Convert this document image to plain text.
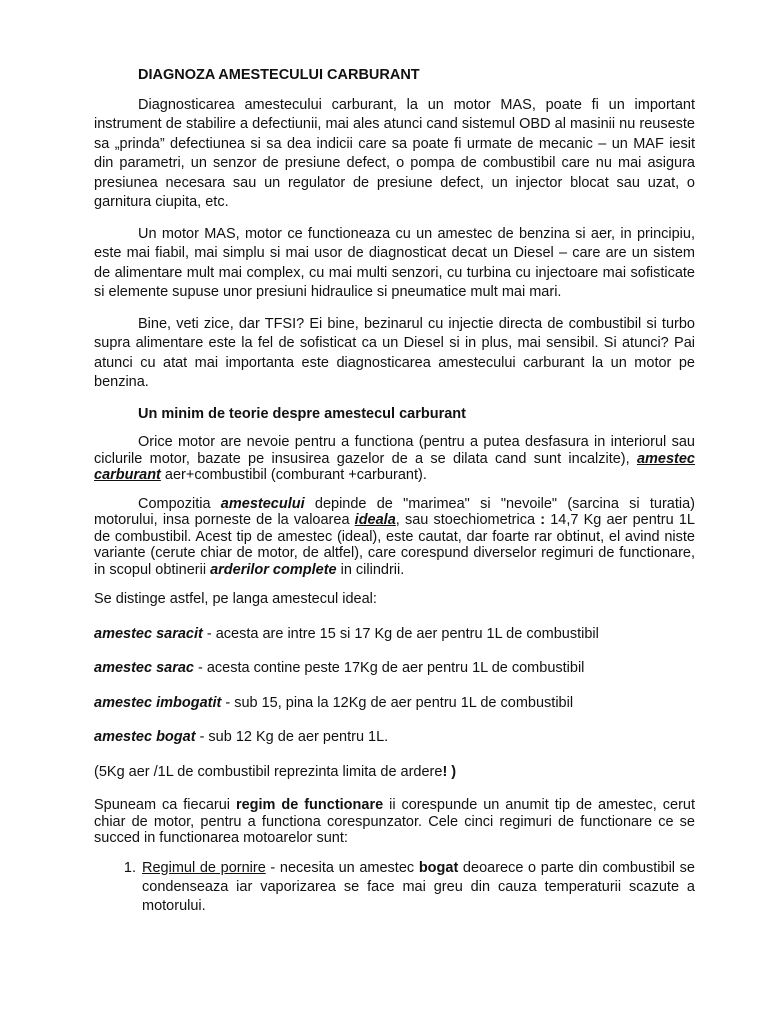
DIAGNOZA AMESTECULUI CARBURANT

Diagnosticarea amestecului carburant, la un motor MAS, poate fi un important instrument de stabilire a defectiunii, mai ales atunci cand sistemul OBD al masinii nu reuseste sa „prinda” defectiunea si sa dea indicii care sa poate fi urmate de mecanic – un MAF iesit din parametri, un senzor de presiune defect, o pompa de combustibil care nu mai asigura presiunea necesara sau un regulator de presiune defect, un injector blocat sau uzat, o garnitura ciupita, etc.

Un motor MAS, motor ce functioneaza cu un amestec de benzina si aer, in principiu, este mai fiabil, mai simplu si mai usor de diagnosticat decat un Diesel – care are un sistem de alimentare mult mai complex, cu mai multi senzori, cu turbina cu injectoare mai sofisticate si elemente supuse unor presiuni hidraulice si pneumatice mult mai mari.

Bine, veti zice, dar TFSI? Ei bine, bezinarul cu injectie directa de combustibil si turbo supra alimentare este la fel de sofisticat ca un Diesel si in plus, mai sensibil. Si atunci? Pai atunci cu atat mai importanta este diagnosticarea amestecului carburant la un motor pe benzina.

Un minim de teorie despre amestecul carburant

Orice motor are nevoie pentru a functiona (pentru a putea desfasura in interiorul sau ciclurile motor, bazate pe insusirea gazelor de a se dilata cand sunt incalzite), amestec carburant aer+combustibil (comburant +carburant).

Compozitia amestecului depinde de "marimea" si "nevoile" (sarcina si turatia) motorului, insa porneste de la valoarea ideala, sau stoechiometrica : 14,7 Kg aer pentru 1L de combustibil. Acest tip de amestec (ideal), este cautat, dar foarte rar obtinut, el avind niste variante (cerute chiar de motor, de altfel), care corespund diverselor regimuri de functionare, in scopul obtinerii arderilor complete in cilindrii.

Se distinge astfel, pe langa amestecul ideal:

amestec saracit - acesta are intre 15 si 17 Kg de aer pentru 1L de combustibil

amestec sarac - acesta contine peste 17Kg de aer pentru 1L de combustibil

amestec imbogatit - sub 15, pina la 12Kg de aer pentru 1L de combustibil

amestec bogat - sub 12 Kg de aer pentru 1L.

(5Kg aer /1L de combustibil reprezinta limita de ardere! )

Spuneam ca fiecarui regim de functionare ii corespunde un anumit tip de amestec, cerut chiar de motor, pentru a functiona corespunzator. Cele cinci regimuri de functionare ce se succed in functionarea motoarelor sunt:

1. Regimul de pornire - necesita un amestec bogat deoarece o parte din combustibil se condenseaza iar vaporizarea se face mai greu din cauza temperaturii scazute a motorului.
